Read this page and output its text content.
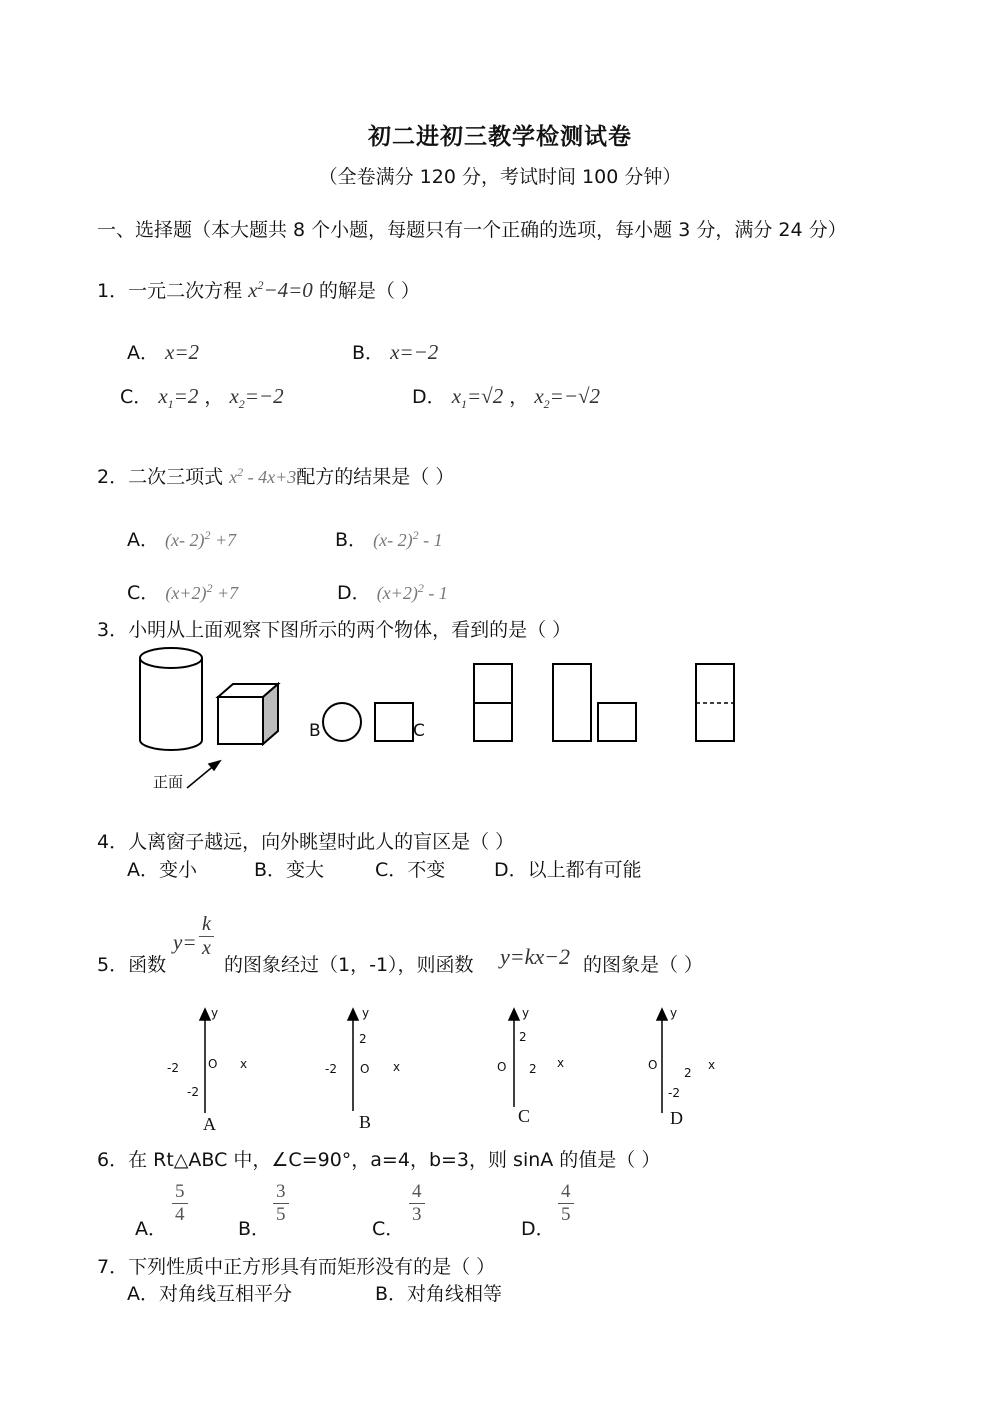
初二进初三教学检测试卷
（全卷满分 120 分，考试时间 100 分钟）
一、选择题（本大题共 8 个小题，每题只有一个正确的选项，每小题 3 分，满分 24 分）
1．一元二次方程 $x^2-4=0$ 的解是（ ）
A． x=2	B． x=−2
C． $x_1=2$ ， $x_2=-2$	D． $x_1=√2$ ， $x_2=-√2$
2．二次三项式 $x^2 - 4x+3$配方的结果是（ ）
A． (x- 2)$^2$ +7	B． (x- 2)$^2$ - 1
C． $(x+2)^2 +7$	D． $(x+2)^2 - 1$
3．小明从上面观察下图所示的两个物体，看到的是（ ）
正面
B	C
4．人离窗子越远，向外眺望时此人的盲区是（ ）
A．变小	B．变大	C．不变	D．以上都有可能
5．函数
$y= \frac{k}{x}$
的图象经过（1，-1），则函数 y=kx−2 的图象是（ ）
y
O x
-2
-2
A
y
2
O x
-2
B
y
2
O 2 x
C
y
O
2
x
-2
D
6．在 Rt△ABC 中，∠C=90°，a=4，b=3，则 sinA 的值是（ ）
A．
$\frac{5}{4}$
B．
$\frac{3}{5}$
C．
$\frac{4}{3}$
D．
$\frac{4}{5}$
7．下列性质中正方形具有而矩形没有的是（ ）
A．对角线互相平分	B．对角线相等
